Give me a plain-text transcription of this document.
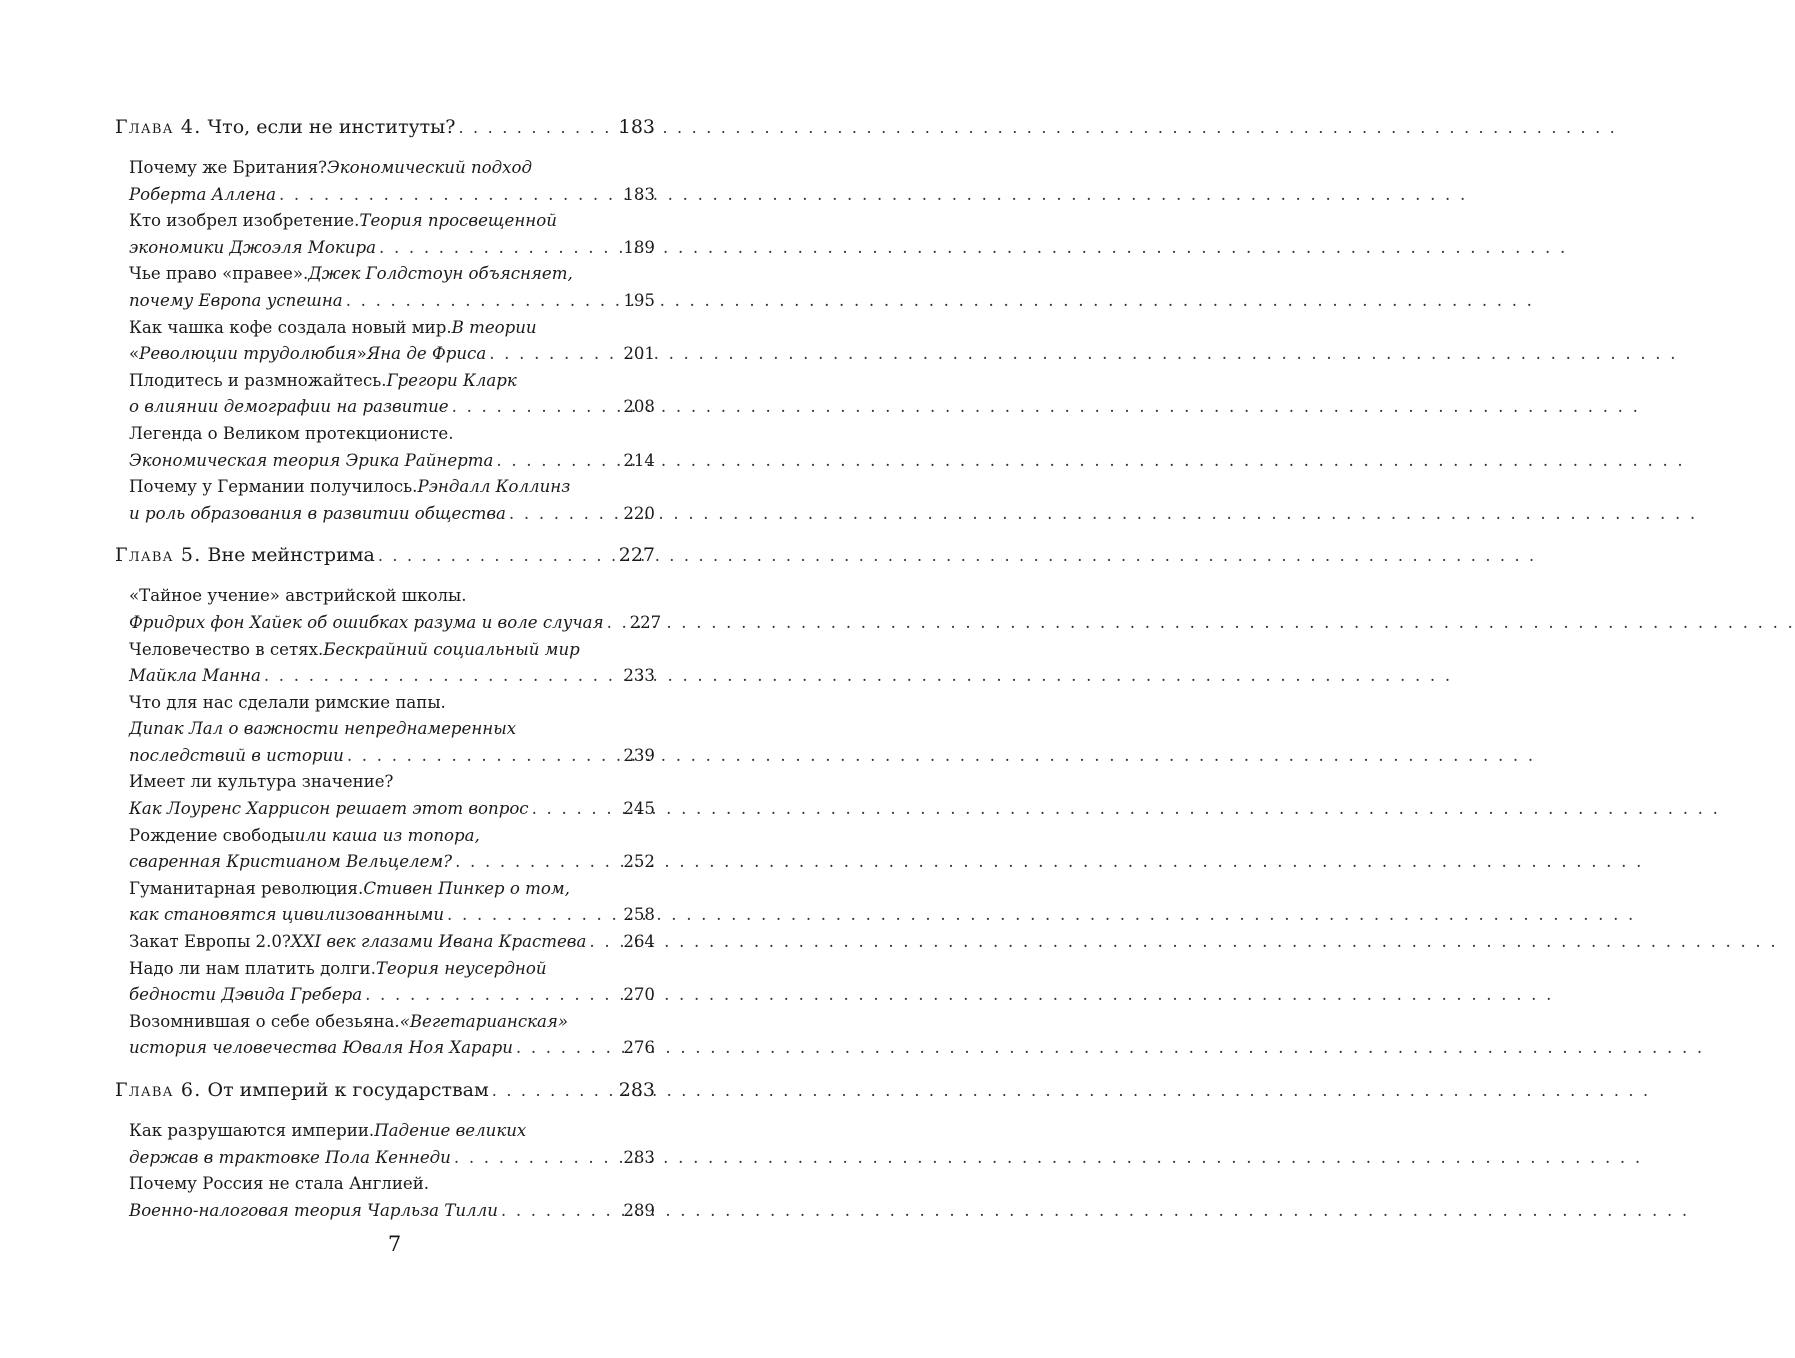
Глава 4. Что, если не институты? . . .	183
Почему же Британия? Экономический подход
Роберта Аллена . . .	183
Кто изобрел изобретение. Теория просвещенной
экономики Джоэля Мокира . . .	189
Чье право «правее». Джек Голдстоун объясняет,
почему Европа успешна . . .	195
Как чашка кофе создала новый мир. В теории
« Революции трудолюбия » Яна де Фриса . . .	201
Плодитесь и размножайтесь. Грегори Кларк
о влиянии демографии на развитие . . .	208
Легенда о Великом протекционисте.
Экономическая теория Эрика Райнерта . . .	214
Почему у Германии получилось. Рэндалл Коллинз
и роль образования в развитии общества . . .	220
Глава 5. Вне мейнстрима . . .	227
«Тайное учение» австрийской школы.
Фридрих фон Хайек об ошибках разума и воле случая . . . 227
Человечество в сетях. Бескрайний социальный мир
Майкла Манна . . .	233
Что для нас сделали римские папы.
Дипак Лал о важности непреднамеренных
последствий в истории . . .	239
Имеет ли культура значение?
Как Лоуренс Харрисон решает этот вопрос . . .	245
Рождение свободы или каша из топора,
сваренная Кристианом Вельцелем? . . .	252
Гуманитарная революция. Стивен Пинкер о том,
как становятся цивилизованными . . .	258
Закат Европы 2.0? XXI век глазами Ивана Крастева . . . 264
Надо ли нам платить долги. Теория неусердной
бедности Дэвида Гребера . . .	270
Возомнившая о себе обезьяна. «Вегетарианская»
история человечества Юваля Ноя Харари . . .	276
Глава 6. От империй к государствам . . .	283
Как разрушаются империи. Падение великих
держав в трактовке Пола Кеннеди . . .	283
Почему Россия не стала Англией.
Военно-налоговая теория Чарльза Тилли . . .	289
7
